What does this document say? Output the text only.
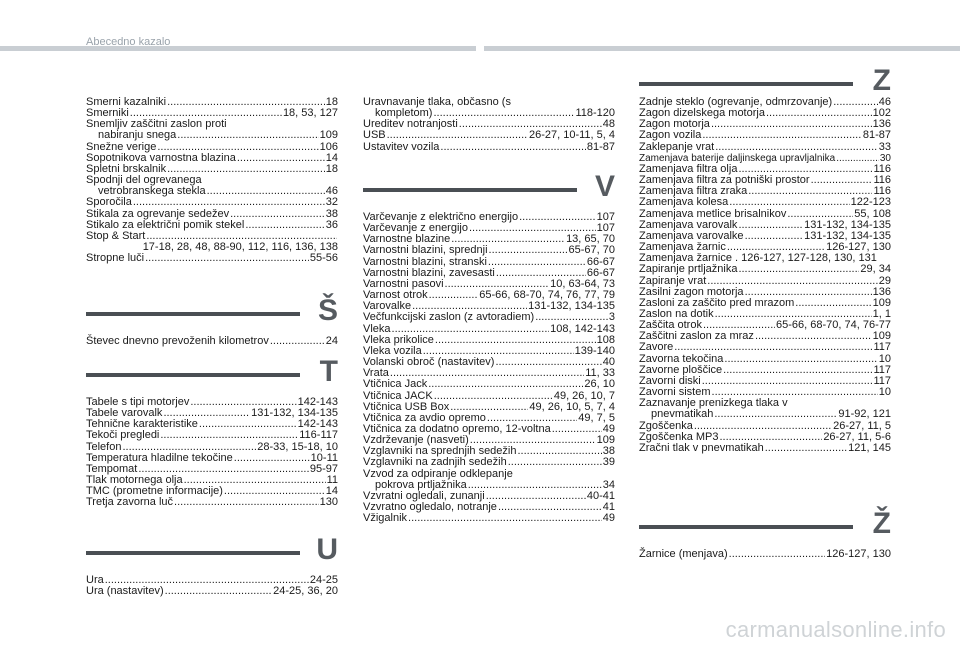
Abecedno kazalo
Smerni kazalniki .....	18
Smerniki .....	18, 53, 127
Snemljiv zaščitni zaslon proti
nabiranju snega .....	109
Snežne verige .....	106
Sopotnikova varnostna blazina .....	14
Spletni brskalnik .....	18
Spodnji del ogrevanega
vetrobranskega stekla .....	46
Sporočila .....	32
Stikala za ogrevanje sedežev .....	38
Stikalo za električni pomik stekel .....	36
Stop & Start
.....
17-18, 28, 48, 88-90, 112, 116, 136, 138
Stropne luči .....	55-56
Š
Števec dnevno prevoženih kilometrov .....	24
T
Tabele s tipi motorjev .....	142-143
Tabele varovalk .....	131-132, 134-135
Tehnične karakteristike .....	142-143
Tekoči pregledi .....	116-117
Telefon .....	28-33, 15-18, 10
Temperatura hladilne tekočine .....	10-11
Tempomat .....	95-97
Tlak motornega olja .....	11
TMC (prometne informacije) .....	14
Tretja zavorna luč .....	130
U
Ura .....	24-25
Ura (nastavitev) .....	24-25, 36, 20
Uravnavanje tlaka, občasno (s
kompletom) .....	118-120
Ureditev notranjosti .....	48
USB .....	26-27, 10-11, 5, 4
Ustavitev vozila .....	81-87
V
Varčevanje z električno energijo .....	107
Varčevanje z energijo .....	107
Varnostne blazine .....	13, 65, 70
Varnostni blazini, sprednji .....	65-67, 70
Varnostni blazini, stranski .....	66-67
Varnostni blazini, zavesasti .....	66-67
Varnostni pasovi .....	10, 63-64, 73
Varnost otrok .....	65-66, 68-70, 74, 76, 77, 79
Varovalke .....	131-132, 134-135
Večfunkcijski zaslon (z avtoradiem) .....	3
Vleka .....	108, 142-143
Vleka prikolice .....	108
Vleka vozila .....	139-140
Volanski obroč (nastavitev) .....	40
Vrata .....	11, 33
Vtičnica Jack .....	26, 10
Vtičnica JACK .....	49, 26, 10, 7
Vtičnica USB Box .....	49, 26, 10, 5, 7, 4
Vtičnica za avdio opremo .....	49, 7, 5
Vtičnica za dodatno opremo, 12-voltna .....	49
Vzdrževanje (nasveti) .....	109
Vzglavniki na sprednjih sedežih .....	38
Vzglavniki na zadnjih sedežih .....	39
Vzvod za odpiranje odklepanje
pokrova prtljažnika .....	34
Vzvratni ogledali, zunanji .....	40-41
Vzvratno ogledalo, notranje .....	41
Vžigalnik .....	49
Z
Zadnje steklo (ogrevanje, odmrzovanje) .....	46
Zagon dizelskega motorja .....	102
Zagon motorja .....	136
Zagon vozila .....	81-87
Zaklepanje vrat .....	33
Zamenjava baterije daljinskega upravljalnika .....	30
Zamenjava filtra olja .....	116
Zamenjava filtra za potniški prostor .....	116
Zamenjava filtra zraka .....	116
Zamenjava kolesa .....	122-123
Zamenjava metlice brisalnikov .....	55, 108
Zamenjava varovalk .....	131-132, 134-135
Zamenjava varovalke .....	131-132, 134-135
Zamenjava žarnic .....	126-127, 130
Zamenjava žarnice . 126-127, 127-128, 130, 131
Zapiranje prtljažnika .....	29, 34
Zapiranje vrat .....	29
Zasilni zagon motorja .....	136
Zasloni za zaščito pred mrazom .....	109
Zaslon na dotik .....	1, 1
Zaščita otrok .....	65-66, 68-70, 74, 76-77
Zaščitni zaslon za mraz .....	109
Zavore .....	117
Zavorna tekočina .....	10
Zavorne ploščice .....	117
Zavorni diski .....	117
Zavorni sistem .....	10
Zaznavanje prenizkega tlaka v
pnevmatikah .....	91-92, 121
Zgoščenka .....	26-27, 11, 5
Zgoščenka MP3 .....	26-27, 11, 5-6
Zračni tlak v pnevmatikah .....	121, 145
Ž
Žarnice (menjava) .....	126-127, 130
carmanualsonline.info
